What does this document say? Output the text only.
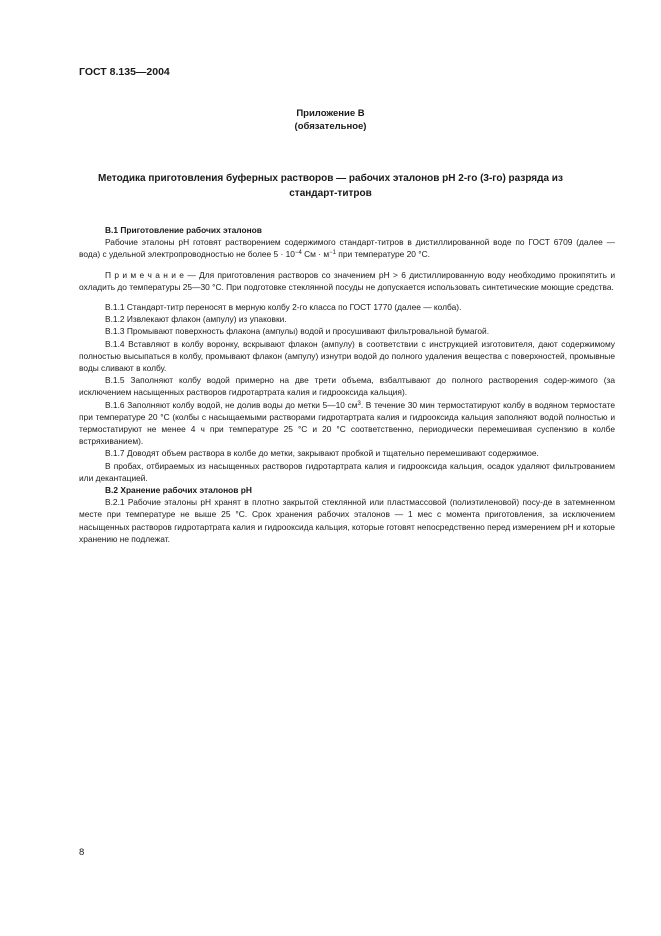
ГОСТ 8.135—2004
Приложение В
(обязательное)
Методика приготовления буферных растворов — рабочих эталонов рН 2-го (3-го) разряда из стандарт-титров

В.1 Приготовление рабочих эталонов

Рабочие эталоны pH готовят растворением содержимого стандарт-титров в дистиллированной воде по ГОСТ 6709 (далее — вода) с удельной электропроводностью не более $5 \cdot 10^{-4}$ См · $м^{-1}$ при температуре 20 °С.

П р и м е ч а н и е — Для приготовления растворов со значением pH > 6 дистиллированную воду необходимо прокипятить и охладить до температуры 25—30 °С. При подготовке стеклянной посуды не допускается использовать синтетические моющие средства.

В.1.1 Стандарт-титр переносят в мерную колбу 2-го класса по ГОСТ 1770 (далее — колба).

В.1.2 Извлекают флакон (ампулу) из упаковки.

В.1.3 Промывают поверхность флакона (ампулы) водой и просушивают фильтровальной бумагой.

В.1.4 Вставляют в колбу воронку, вскрывают флакон (ампулу) в соответствии с инструкцией изготовителя, дают содержимому полностью высыпаться в колбу, промывают флакон (ампулу) изнутри водой до полного удаления вещества с поверхностей, промывные воды сливают в колбу.

В.1.5 Заполняют колбу водой примерно на две трети объема, взбалтывают до полного растворения содер-жимого (за исключением насыщенных растворов гидротартрата калия и гидрооксида кальция).

В.1.6 Заполняют колбу водой, не долив воды до метки 5—10 $см^3$. В течение 30 мин термостатируют колбу в водяном термостате при температуре 20 °С (колбы с насыщаемыми растворами гидротартрата калия и гидрооксида кальция заполняют водой полностью и термостатируют не менее 4 ч при температуре 25 °С и 20 °С соответственно, периодически перемешивая суспензию в колбе встряхиванием).

В.1.7 Доводят объем раствора в колбе до метки, закрывают пробкой и тщательно перемешивают содержимое.

В пробах, отбираемых из насыщенных растворов гидротартрата калия и гидрооксида кальция, осадок удаляют фильтрованием или декантацией.

В.2 Хранение рабочих эталонов pH

В.2.1 Рабочие эталоны pH хранят в плотно закрытой стеклянной или пластмассовой (полиэтиленовой) посу-де в затемненном месте при температуре не выше 25 °С. Срок хранения рабочих эталонов — 1 мес с момента приготовления, за исключением насыщенных растворов гидротартрата калия и гидрооксида кальция, которые готовят непосредственно перед измерением pH и которые хранению не подлежат.

8
